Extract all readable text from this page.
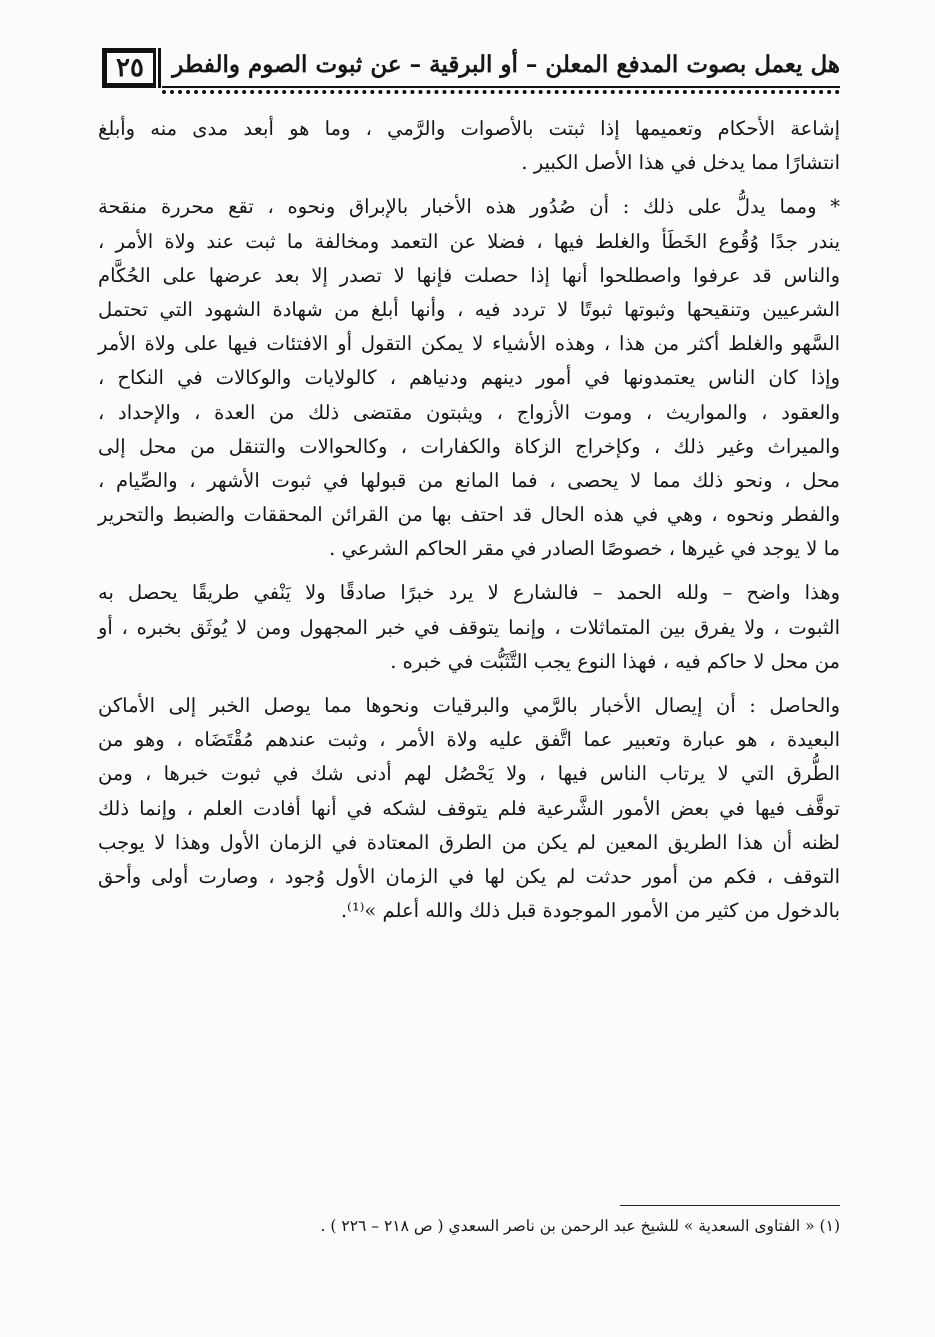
٢٥	هل يعمل بصوت المدفع المعلن – أو البرقية – عن ثبوت الصوم والفطر
إشاعة الأحكام وتعميمها إذا ثبتت بالأصوات والرَّمي ، وما هو أبعد مدى منه وأبلغ
انتشارًا مما يدخل في هذا الأصل الكبير .
* ومما يدلُّ على ذلك : أن صُدُور هذه الأخبار بالإبراق ونحوه ، تقع محررة منقحة
يندر جدًا وُقُوع الخَطَأ والغلط فيها ، فضلا عن التعمد ومخالفة ما ثبت عند ولاة الأمر ،
والناس قد عرفوا واصطلحوا أنها إذا حصلت فإنها لا تصدر إلا بعد عرضها على الحُكَّام
الشرعيين وتنقيحها وثبوتها ثبوتًا لا تردد فيه ، وأنها أبلغ من شهادة الشهود التي تحتمل
السَّهو والغلط أكثر من هذا ، وهذه الأشياء لا يمكن التقول أو الافتئات فيها على ولاة الأمر
وإذا كان الناس يعتمدونها في أمور دينهم ودنياهم ، كالولايات والوكالات في النكاح ،
والعقود ، والمواريث ، وموت الأزواج ، ويثبتون مقتضى ذلك من العدة ، والإحداد ،
والميراث وغير ذلك ، وكإخراج الزكاة والكفارات ، وكالحوالات والتنقل من محل إلى
محل ، ونحو ذلك مما لا يحصى ، فما المانع من قبولها في ثبوت الأشهر ، والصِّيام ،
والفطر ونحوه ، وهي في هذه الحال قد احتف بها من القرائن المحققات والضبط والتحرير
ما لا يوجد في غيرها ، خصوصًا الصادر في مقر الحاكم الشرعي .
وهذا واضح – ولله الحمد – فالشارع لا يرد خبرًا صادقًا ولا يَنْفي طريقًا يحصل به
الثبوت ، ولا يفرق بين المتماثلات ، وإنما يتوقف في خبر المجهول ومن لا يُوثَق بخبره ، أو
من محل لا حاكم فيه ، فهذا النوع يجب التَّثَبُّت في خبره .
والحاصل : أن إيصال الأخبار بالرَّمي والبرقيات ونحوها مما يوصل الخبر إلى الأماكن
البعيدة ، هو عبارة وتعبير عما اتَّفق عليه ولاة الأمر ، وثبت عندهم مُقْتَضَاه ، وهو من
الطُّرق التي لا يرتاب الناس فيها ، ولا يَحْصُل لهم أدنى شك في ثبوت خبرها ، ومن
توقَّف فيها في بعض الأمور الشَّرعية فلم يتوقف لشكه في أنها أفادت العلم ، وإنما ذلك
لظنه أن هذا الطريق المعين لم يكن من الطرق المعتادة في الزمان الأول وهذا لا يوجب
التوقف ، فكم من أمور حدثت لم يكن لها في الزمان الأول وُجود ، وصارت أولى وأحق
بالدخول من كثير من الأمور الموجودة قبل ذلك والله أعلم »⁽¹⁾.
(١) « الفتاوى السعدية » للشيخ عبد الرحمن بن ناصر السعدي ( ص ٢١٨ – ٢٢٦ ) .
